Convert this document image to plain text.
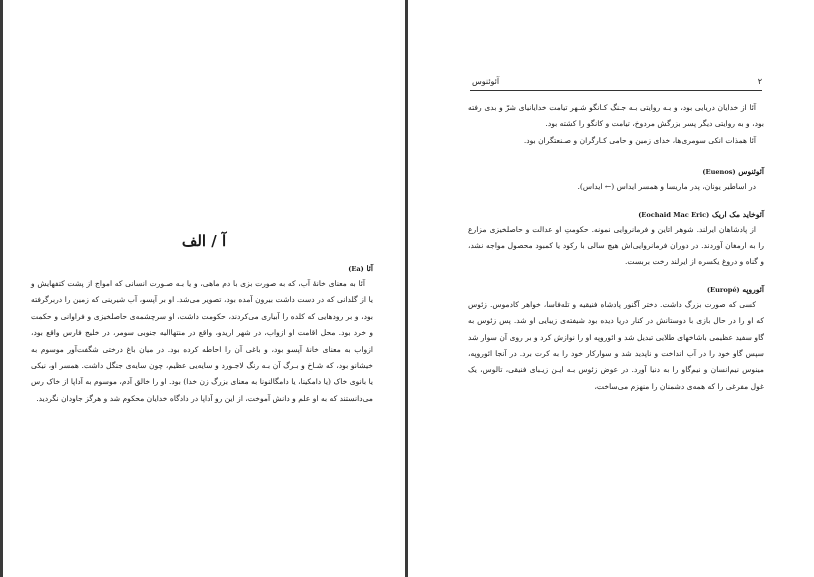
آ / الف

آئا (Ea)

آئا به معنای خانهٔ آب، که به صورت بزی با دم ماهی، و یا بـه صـورت انسانی که امواج از پشت کتفهایش و یا از گلدانی که در دست داشت بیرون آمده بود، تصویر می‌شد. او بر آپسو، آب شیرینی که زمین را دربرگرفته بود، و بر رودهایی که کلده را آبیاری می‌کردند، حکومت داشت، او سرچشمه‌ی حاصلخیزی و فراوانی و حکمت و خرد بود. محل اقامت او ازواب، در شهر اریدو، واقع در منتهاالیه جنوبی سومر، در خلیج فارس واقع بود، ازواب به معنای خانهٔ آپسو بود، و باغی آن را احاطه کرده بود. در میان باغ درختی شگفت‌آور موسوم به خیشانو بود، که شـاخ و بـرگ آن بـه رنگ لاجـورد و سایه‌یی عظیم، چون سایه‌ی جنگل داشت. همسر او، نیکی یا بانوی خاک (یا دامکینا، یا دامگالنونا به معنای بزرگ زن خدا) بود. او را خالق آدم، موسوم به آداپا از خاک رس می‌دانستند که به او علم و دانش آموخت، از این رو آداپا در دادگاه خدایان محکوم شد و هرگز جاودان نگردید.

آئوئنوس	۲

آئا از خدایان دریایی بود، و بـه روایتی بـه جـنگ کـانگو شـهر تیامت خدایانیای شرّ و بدی رفته بود، و به روایتی دیگر پسر بزرگش مردوخ، تیامت و کانگو را کشته بود.

آئا همذات انکی سومری‌ها، خدای زمین و حامی کـارگران و صـنعتگران بود.

آئوئنوس (Euenos)

در اساطیر یونان، پدر ماریسا و همسر ایداس (← ایداس).

آئوخاید مک اریک (Eochaid Mac Eric)

از پادشاهان ایرلند. شوهر اتاین و فرمانروایی نمونه. حکومتِ او عدالت و حاصلخیزی مزارع را به ارمغان آوردند. در دوران فرمانروایی‌اش هیچ سالی با رکود یا کمبود محصول مواجه نشد، و گناه و دروغ یکسره از ایرلند رخت بربست.

آئوروپه (Europé)

کسی که صورت بزرگ داشت. دختر آگنور پادشاه فنیقیه و تله‌فاسا، خواهر کادموس. زئوس که او را در حال بازی با دوستانش در کنار دریا دیده بود شیفته‌ی زیبایی او شد. پس زئوس به گاو سفید عظیمی باشاخهای طلایی تبدیل شد و ائوروپه او را نوازش کرد و بر روی آن سوار شد سپس گاو خود را در آب انداخت و ناپدید شد و سوارکار خود را به کرت برد. در آنجا ائوروپه، مینوس نیم‌انسان و نیم‌گاو را به دنیا آورد. در عوض زئوس بـه ایـن زیـبای فنیقی، تالوس، یک غول مفرغی را که همه‌ی دشمنان را منهزم می‌ساخت،
